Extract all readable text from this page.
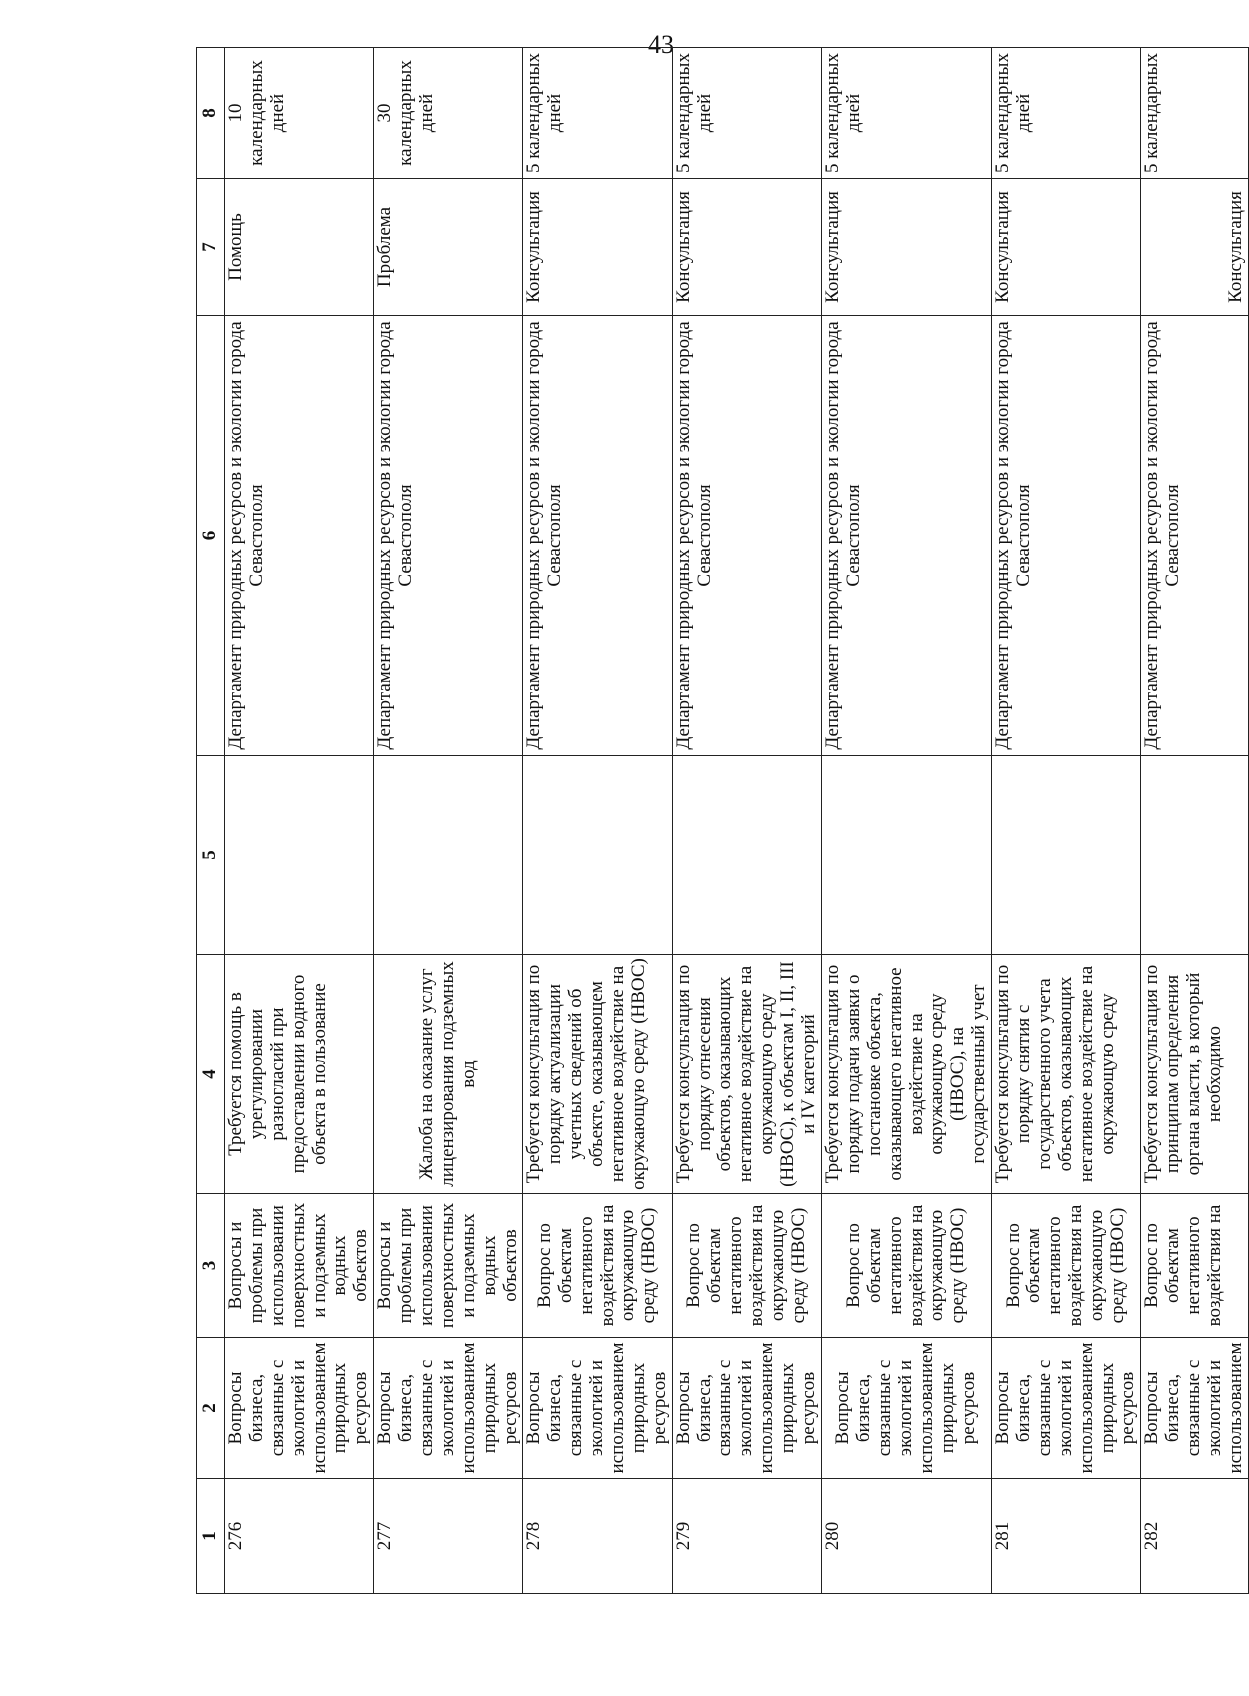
43
1	2	3	4	5	6	7	8
276	Вопросы бизнеса, связанные с экологией и использованием природных ресурсов	Вопросы и проблемы при использовании поверхностных и подземных водных объектов	Требуется помощь в урегулировании разногласий при предоставлении водного объекта в пользование		Департамент природных ресурсов и экологии города Севастополя	Помощь	10 календарных дней
277	Вопросы бизнеса, связанные с экологией и использованием природных ресурсов	Вопросы и проблемы при использовании поверхностных и подземных водных объектов	Жалоба на оказание услуг лицензирования подземных вод		Департамент природных ресурсов и экологии города Севастополя	Проблема	30 календарных дней
278	Вопросы бизнеса, связанные с экологией и использованием природных ресурсов	Вопрос по объектам негативного воздействия на окружающую среду (НВОС)	Требуется консультация по порядку актуализации учетных сведений об объекте, оказывающем негативное воздействие на окружающую среду (НВОС)		Департамент природных ресурсов и экологии города Севастополя	Консультация	5 календарных дней
279	Вопросы бизнеса, связанные с экологией и использованием природных ресурсов	Вопрос по объектам негативного воздействия на окружающую среду (НВОС)	Требуется консультация по порядку отнесения объектов, оказывающих негативное воздействие на окружающую среду (НВОС), к объектам I, II, III и IV категорий		Департамент природных ресурсов и экологии города Севастополя	Консультация	5 календарных дней
280	Вопросы бизнеса, связанные с экологией и использованием природных ресурсов	Вопрос по объектам негативного воздействия на окружающую среду (НВОС)	Требуется консультация по порядку подачи заявки о постановке объекта, оказывающего негативное воздействие на окружающую среду (НВОС), на государственный учет		Департамент природных ресурсов и экологии города Севастополя	Консультация	5 календарных дней
281	Вопросы бизнеса, связанные с экологией и использованием природных ресурсов	Вопрос по объектам негативного воздействия на окружающую среду (НВОС)	Требуется консультация по порядку снятия с государственного учета объектов, оказывающих негативное воздействие на окружающую среду		Департамент природных ресурсов и экологии города Севастополя	Консультация	5 календарных дней
282	Вопросы бизнеса, связанные с экологией и использованием	Вопрос по объектам негативного воздействия на	Требуется консультация по принципам определения органа власти, в который необходимо		Департамент природных ресурсов и экологии города Севастополя	Консультация	5 календарных
